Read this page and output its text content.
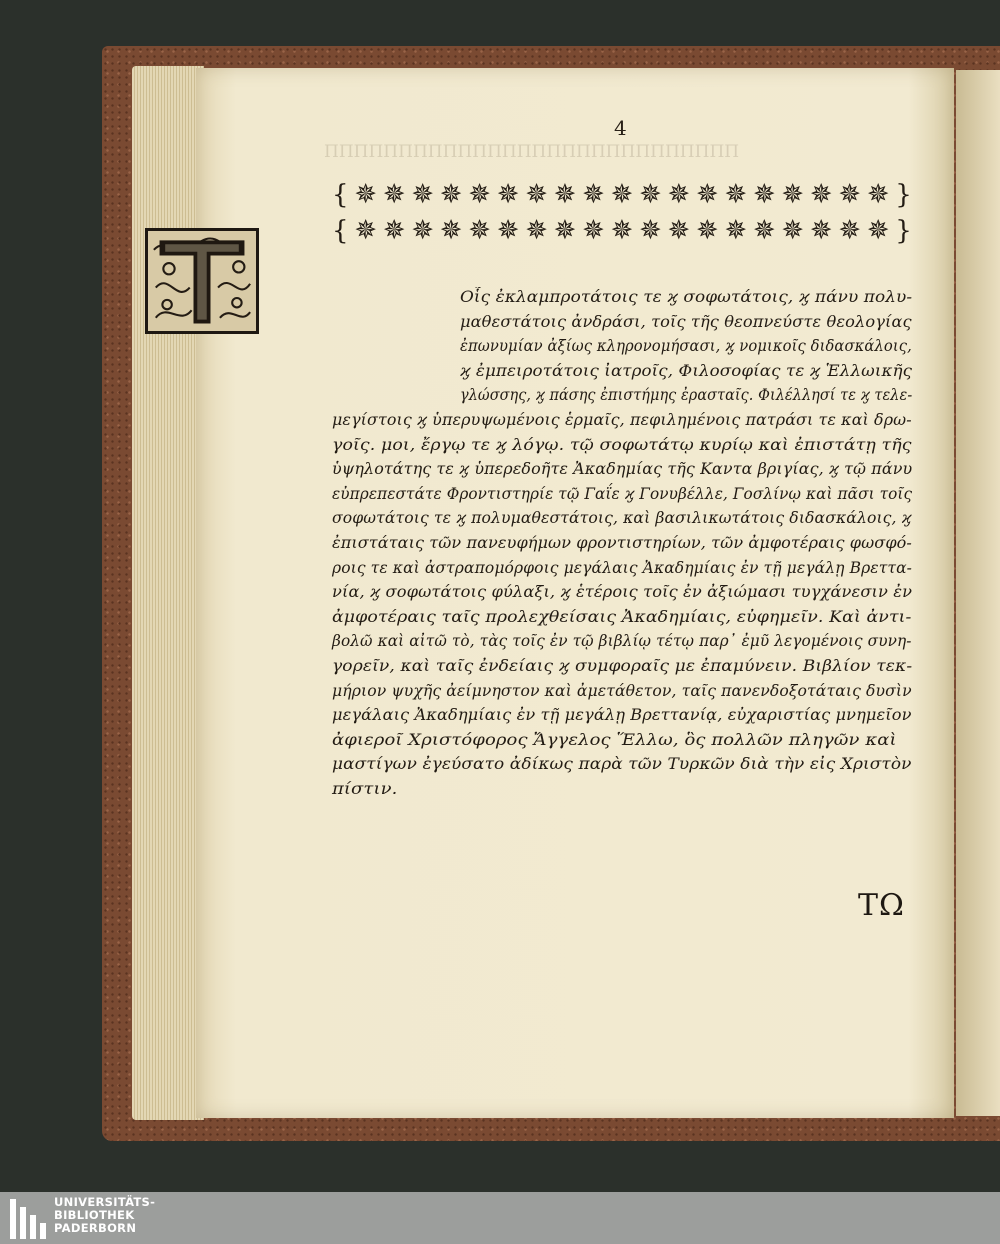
ΠΠΠΠΠΠΠΠΠΠΠΠΠΠΠΠΠΠΠΠΠΠΠΠΠΠΠΠ
4
{ ✵ ✵ ✵ ✵ ✵ ✵ ✵ ✵ ✵ ✵ ✵ ✵ ✵ ✵ ✵ ✵ ✵ ✵ ✵ }
{ ✵ ✵ ✵ ✵ ✵ ✵ ✵ ✵ ✵ ✵ ✵ ✵ ✵ ✵ ✵ ✵ ✵ ✵ ✵ }
Οἷς ἐκλαμπροτάτοις τε ϗ σοφωτάτοις, ϗ πάνυ πολυ-
μαθεστάτοις ἀνδράσι, τοῖς τῆς θεοπνεύστε θεολογίας
ἐπωνυμίαν ἀξίως κληρονομήσασι, ϗ νομικοῖς διδασκάλοις,
ϗ ἐμπειροτάτοις ἰατροῖς, Φιλοσοφίας τε ϗ Ἑλλωικῆς
γλώσσης, ϗ πάσης ἐπιστήμης ἐρασταῖς. Φιλέλλησί τε ϗ τελε-
μεγίστοις ϗ ὑπερυψωμένοις ἑρμαῖς, πεφιλημένοις πατράσι τε καὶ δρω-
γοῖς. μοι, ἔργῳ τε ϗ λόγῳ. τῷ σοφωτάτῳ κυρίῳ καὶ ἐπιστάτῃ τῆς
ὑψηλοτάτης τε ϗ ὑπερεδοῆτε Ἀκαδημίας τῆς Καντα βριγίας, ϗ τῷ πάνυ
εὐπρεπεστάτε Φροντιστηρίε τῷ Γαΐε ϗ Γονυβέλλε, Γοσλίνῳ καὶ πᾶσι τοῖς
σοφωτάτοις τε ϗ πολυμαθεστάτοις, καὶ βασιλικωτάτοις διδασκάλοις, ϗ
ἐπιστάταις τῶν πανευφήμων φροντιστηρίων, τῶν ἀμφοτέραις φωσφό-
ροις τε καὶ ἀστραπομόρφοις μεγάλαις Ἀκαδημίαις ἐν τῇ μεγάλῃ Βρεττα-
νία, ϗ σοφωτάτοις φύλαξι, ϗ ἑτέροις τοῖς ἐν ἀξιώμασι τυγχάνεσιν ἐν
ἀμφοτέραις ταῖς προλεχθείσαις Ἀκαδημίαις, εὐφημεῖν. Καὶ ἀντι-
βολῶ καὶ αἰτῶ τὸ, τὰς τοῖς ἐν τῷ βιβλίῳ τέτῳ παρ᾽ ἐμῦ λεγομένοις συνη-
γορεῖν, καὶ ταῖς ἐνδείαις ϗ συμφοραῖς με ἐπαμύνειν. Βιβλίον τεκ-
μήριον ψυχῆς ἀείμνηστον καὶ ἀμετάθετον, ταῖς πανενδοξοτάταις δυσὶν
μεγάλαις Ἀκαδημίαις ἐν τῇ μεγάλῃ Βρεττανίᾳ, εὐχαριστίας μνημεῖον
ἀφιεροῖ Χριστόφορος Ἄγγελος Ἕλλω, ὃς πολλῶν πληγῶν καὶ
μαστίγων ἐγεύσατο ἀδίκως παρὰ τῶν Τυρκῶν διὰ τὴν εἰς Χριστὸν
πίστιν.
ΤΩ
UNIVERSITÄTS-
BIBLIOTHEK
PADERBORN
